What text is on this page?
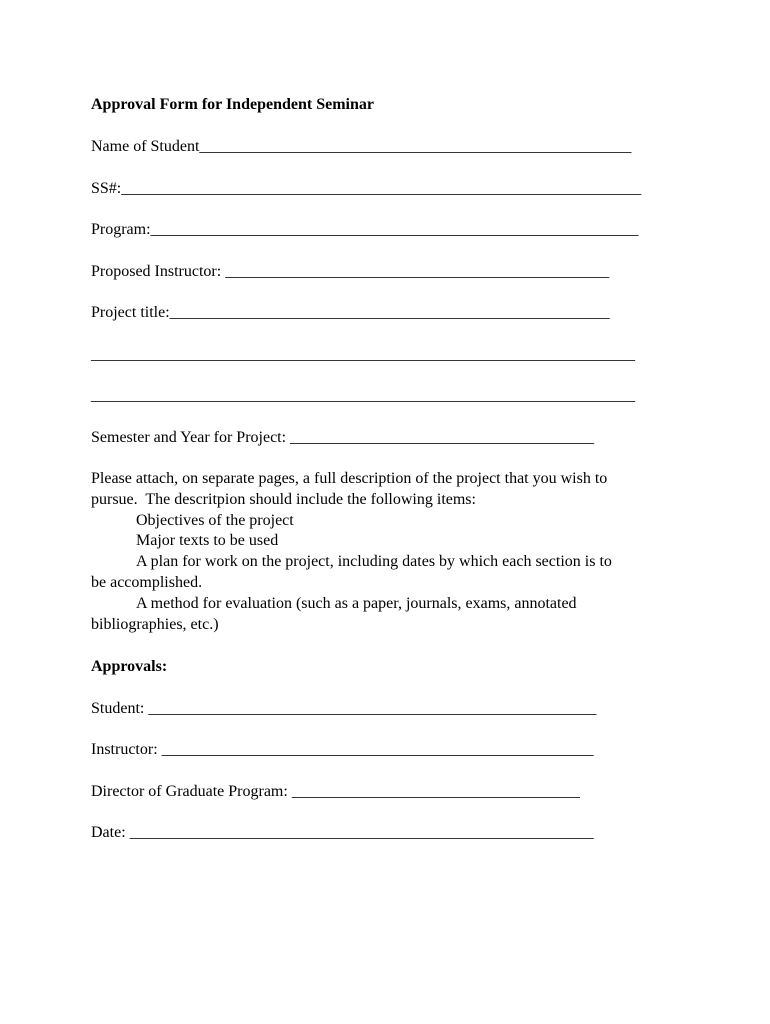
Approval Form for Independent Seminar
Name of Student______________________________________________________
SS#:_________________________________________________________________
Program:_____________________________________________________________
Proposed Instructor: ________________________________________________
Project title:_______________________________________________________
____________________________________________________________________
____________________________________________________________________
Semester and Year for Project: ______________________________________
Please attach, on separate pages, a full description of the project that you wish to
pursue.  The descritpion should include the following items:
Objectives of the project
Major texts to be used
A plan for work on the project, including dates by which each section is to
be accomplished.
A method for evaluation (such as a paper, journals, exams, annotated
bibliographies, etc.)
Approvals:
Student: ________________________________________________________
Instructor: ______________________________________________________
Director of Graduate Program: ____________________________________
Date: __________________________________________________________
